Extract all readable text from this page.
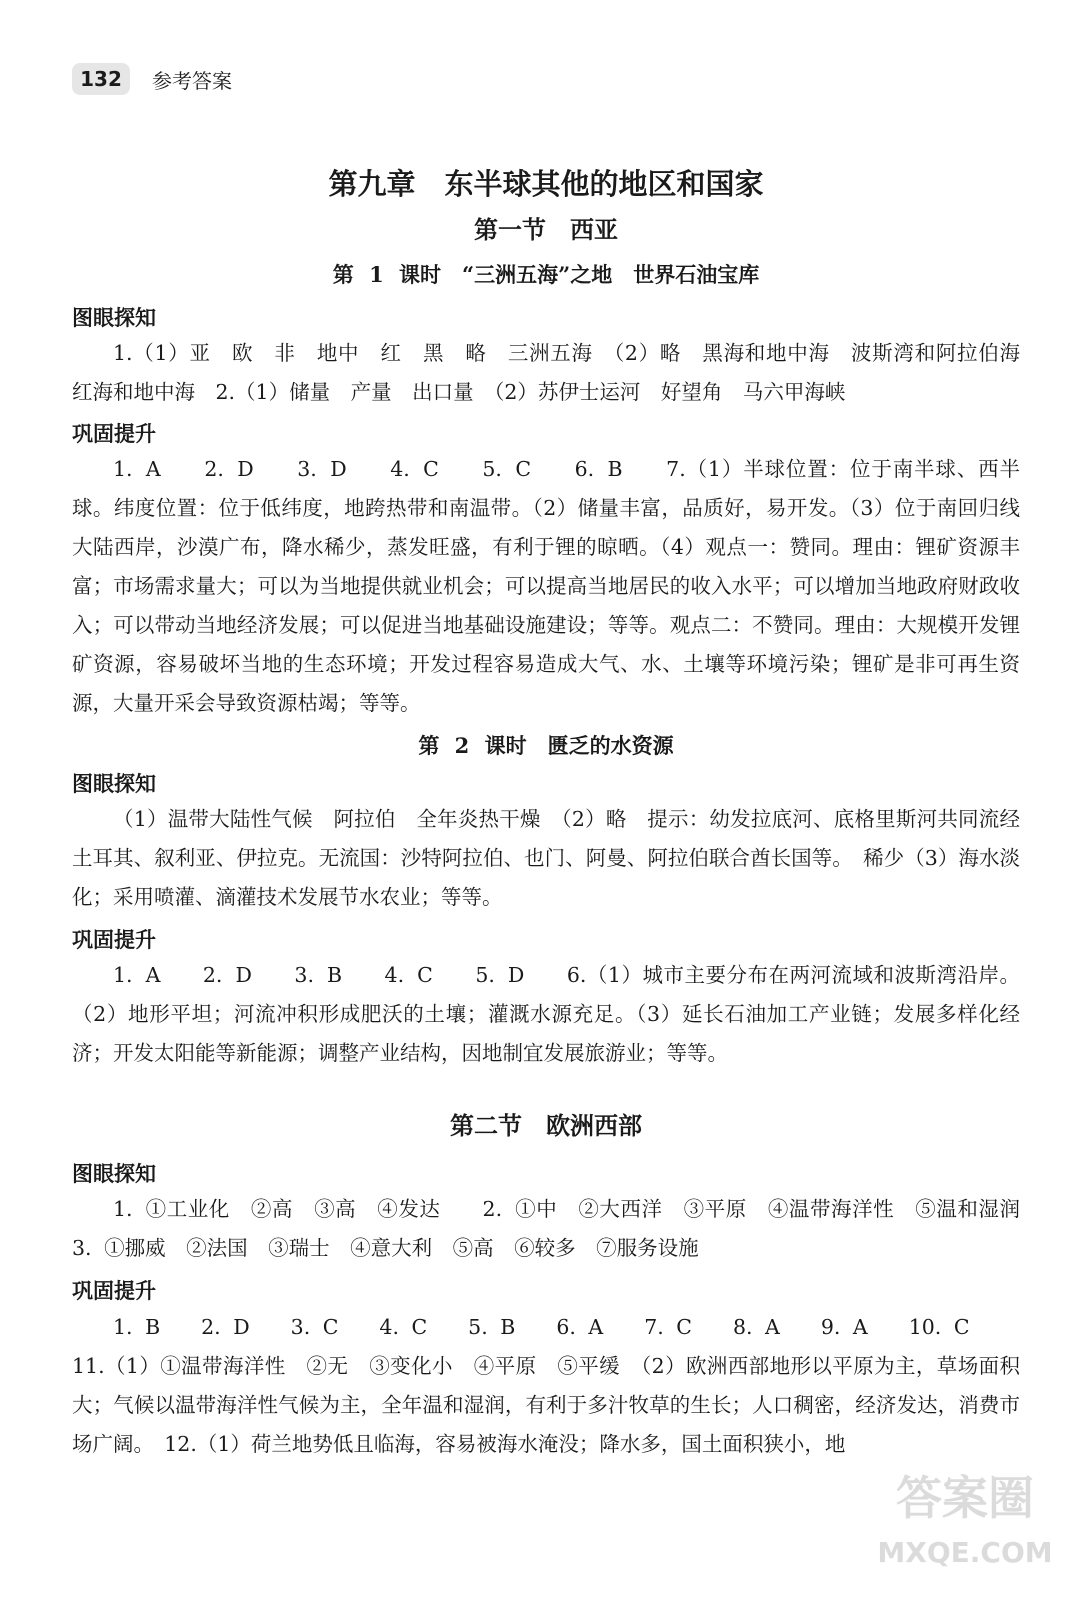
132	参考答案
第九章　东半球其他的地区和国家
第一节　西亚
第 1 课时　“三洲五海”之地　世界石油宝库
图眼探知
1.（1）亚　欧　非　地中　红　黑　略　三洲五海　（2）略　黑海和地中海　波斯湾和阿拉伯海　红海和地中海　2.（1）储量　产量　出口量　（2）苏伊士运河　好望角　马六甲海峡
巩固提升
1. A　　2. D　　3. D　　4. C　　5. C　　6. B　　7.（1）半球位置：位于南半球、西半球。纬度位置：位于低纬度，地跨热带和南温带。（2）储量丰富，品质好，易开发。（3）位于南回归线大陆西岸，沙漠广布，降水稀少，蒸发旺盛，有利于锂的晾晒。（4）观点一：赞同。理由：锂矿资源丰富；市场需求量大；可以为当地提供就业机会；可以提高当地居民的收入水平；可以增加当地政府财政收入；可以带动当地经济发展；可以促进当地基础设施建设；等等。观点二：不赞同。理由：大规模开发锂矿资源，容易破坏当地的生态环境；开发过程容易造成大气、水、土壤等环境污染；锂矿是非可再生资源，大量开采会导致资源枯竭；等等。
第 2 课时　匮乏的水资源
图眼探知
（1）温带大陆性气候　阿拉伯　全年炎热干燥　（2）略　提示：幼发拉底河、底格里斯河共同流经土耳其、叙利亚、伊拉克。无流国：沙特阿拉伯、也门、阿曼、阿拉伯联合酋长国等。　稀少（3）海水淡化；采用喷灌、滴灌技术发展节水农业；等等。
巩固提升
1. A　　2. D　　3. B　　4. C　　5. D　　6.（1）城市主要分布在两河流域和波斯湾沿岸。（2）地形平坦；河流冲积形成肥沃的土壤；灌溉水源充足。（3）延长石油加工产业链；发展多样化经济；开发太阳能等新能源；调整产业结构，因地制宜发展旅游业；等等。
第二节　欧洲西部
图眼探知
1. ①工业化　②高　③高　④发达　　2. ①中　②大西洋　③平原　④温带海洋性　⑤温和湿润　3. ①挪威　②法国　③瑞士　④意大利　⑤高　⑥较多　⑦服务设施
巩固提升
1. B　　2. D　　3. C　　4. C　　5. B　　6. A　　7. C　　8. A　　9. A　　10. C
11.（1）①温带海洋性　②无　③变化小　④平原　⑤平缓　（2）欧洲西部地形以平原为主，草场面积大；气候以温带海洋性气候为主，全年温和湿润，有利于多汁牧草的生长；人口稠密，经济发达，消费市场广阔。　12.（1）荷兰地势低且临海，容易被海水淹没；降水多，国土面积狭小，地
答案圈
MXQE.COM
